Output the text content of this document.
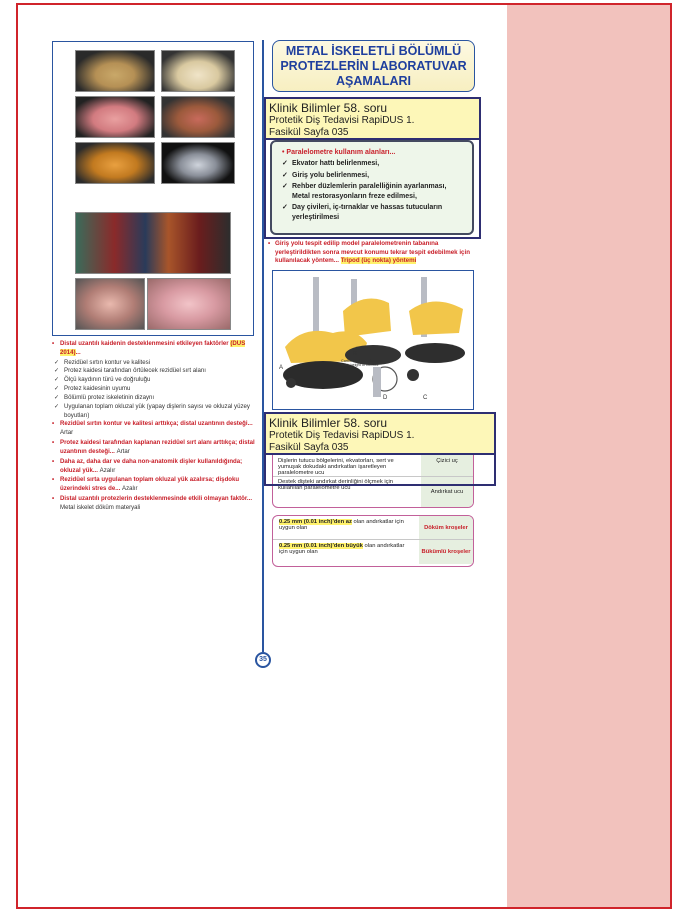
• Distal uzantılı kaidenin desteklenmesini etkileyen faktörler (DUS 2014)...
✓ Rezidüel sırtın kontur ve kalitesi
✓ Protez kaidesi tarafından örtülecek rezidüel sırt alanı
✓ Ölçü kaydının türü ve doğruluğu
✓ Protez kaidesinin uyumu
✓ Bölümlü protez iskeletinin dizaynı
✓ Uygulanan toplam okluzal yük (yapay dişlerin sayısı ve okluzal yüzey boyutları)
• Rezidüel sırtın kontur ve kalitesi arttıkça; distal uzantının desteği... Artar
• Protez kaidesi tarafından kaplanan rezidüel sırt alanı arttıkça; distal uzantının desteği... Artar
• Daha az, daha dar ve daha non-anatomik dişler kullanıldığında; okluzal yük... Azalır
• Rezidüel sırta uygulanan toplam okluzal yük azalırsa; dişdoku üzerindeki stres de... Azalır
• Distal uzantılı protezlerin desteklenmesinde etkili olmayan faktör... Metal iskelet döküm materyali
METAL İSKELETLİ BÖLÜMLÜ
PROTEZLERİN LABORATUVAR
AŞAMALARI
• Paralelometre kullanım alanları...
✓ Ekvator hattı belirlenmesi,
✓ Giriş yolu belirlenmesi,
✓ Rehber düzlemlerin paralelliğinin ayarlanması, Metal restorasyonların freze edilmesi,
✓ Day çivileri, iç-tırnaklar ve hassas tutucuların yerleştirilmesi
• Giriş yolu tespit edilip model paralelometrenin tabanına yerleştirildikten sonra mevcut konumu tekrar tespit edebilmek için kullanılacak yöntem... Tripod (üç nokta) yöntemi
A
B
C
D
Carbon rod substituted to mark height of contour
Dişlerin tutucu bölgelerini, ekvatorları, sert ve yumuşak dokudaki andırkatları işaretleyen paralelometre ucu
Çizici uç
Destek dişteki andırkat derinliğini ölçmek için kullanılan paralelometre ucu
Andırkat ucu
0.25 mm (0.01 inch)'den az olan andırkatlar için uygun olan	Döküm kroşeler
0.25 mm (0.01 inch)'den büyük olan andırkatlar için uygun olan	Bükümlü kroşeler
Klinik Bilimler 58. soru
Protetik Diş Tedavisi RapiDUS 1.
Fasikül Sayfa 035
Klinik Bilimler 58. soru
Protetik Diş Tedavisi RapiDUS 1.
Fasikül Sayfa 035
35
